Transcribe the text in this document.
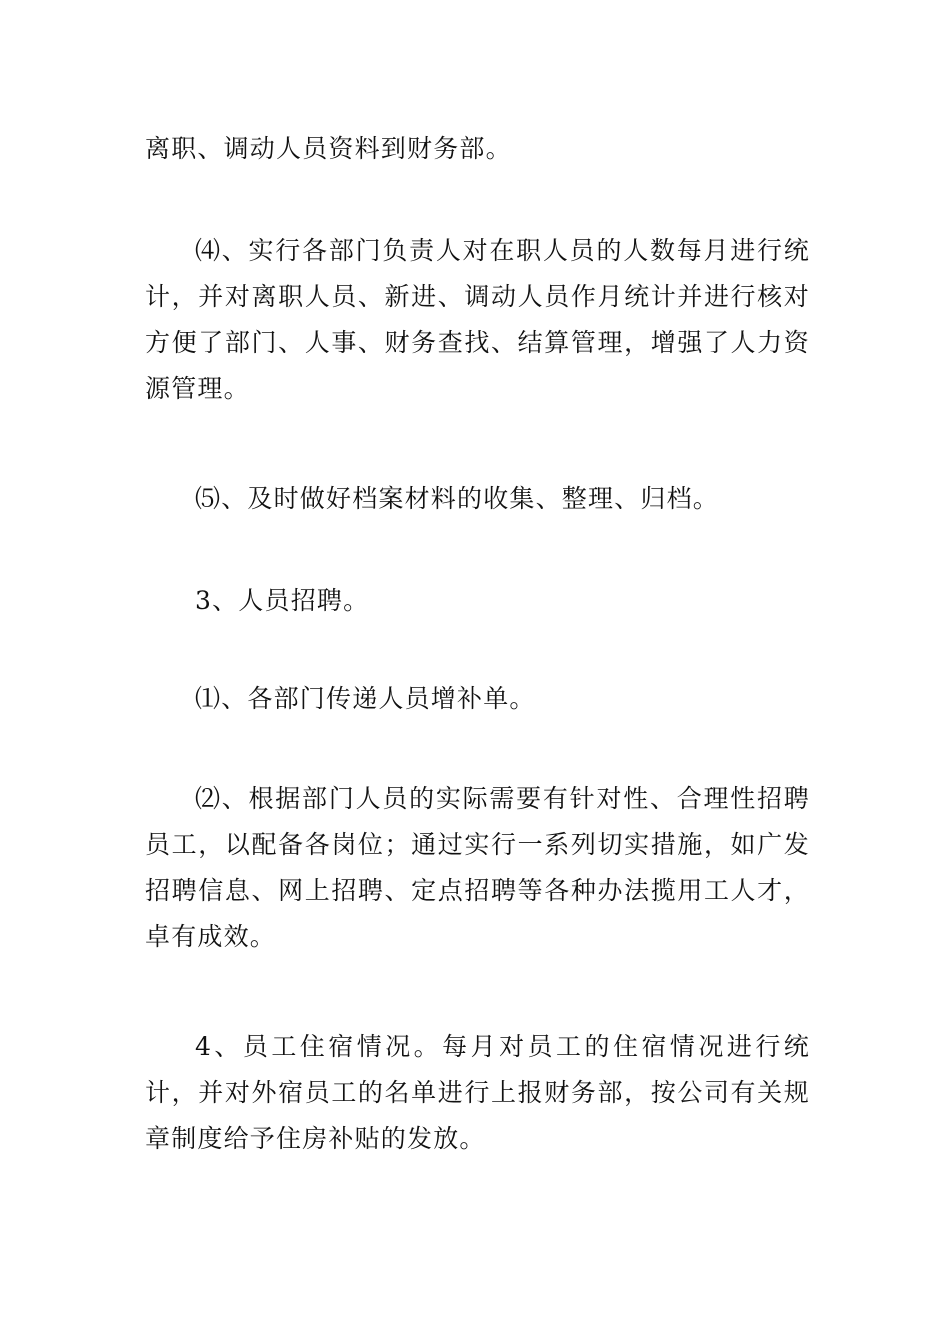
离职、调动人员资料到财务部。

⑷、实行各部门负责人对在职人员的人数每月进行统计，并对离职人员、新进、调动人员作月统计并进行核对方便了部门、人事、财务查找、结算管理，增强了人力资源管理。

⑸、及时做好档案材料的收集、整理、归档。

3、人员招聘。

⑴、各部门传递人员增补单。

⑵、根据部门人员的实际需要有针对性、合理性招聘员工，以配备各岗位；通过实行一系列切实措施，如广发招聘信息、网上招聘、定点招聘等各种办法揽用工人才，卓有成效。

4、员工住宿情况。每月对员工的住宿情况进行统计，并对外宿员工的名单进行上报财务部，按公司有关规章制度给予住房补贴的发放。
